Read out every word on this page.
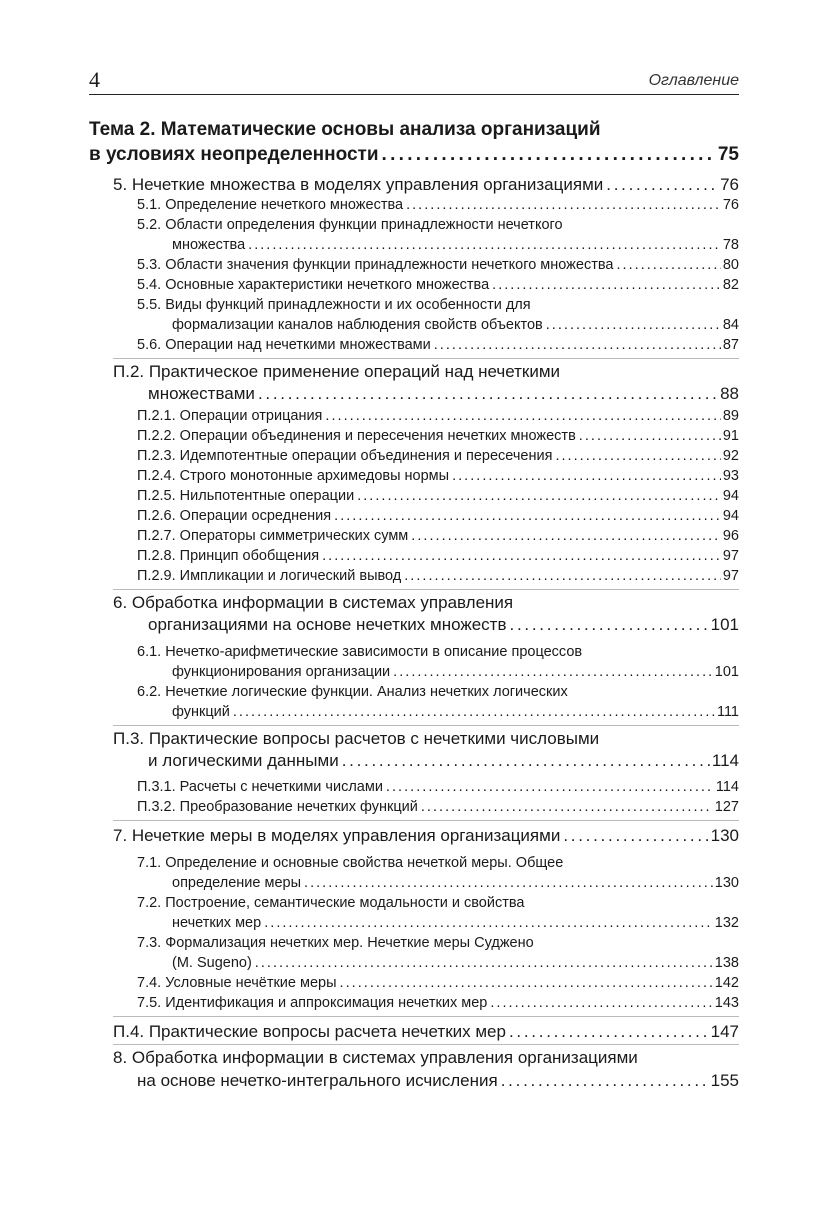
4	Оглавление
Тема 2. Математические основы анализа организаций
в условиях неопределенности . . .	75
5. Нечеткие множества в моделях управления организациями . . .	76
5.1. Определение нечеткого множества . . .	76
5.2. Области определения функции принадлежности нечеткого
множества . . .	78
5.3. Области значения функции принадлежности нечеткого множества . . .	80
5.4. Основные характеристики нечеткого множества . . .	82
5.5. Виды функций принадлежности и их особенности для
формализации каналов наблюдения свойств объектов . . .	84
5.6. Операции над нечеткими множествами . . .	87
П.2. Практическое применение операций над нечеткими
множествами . . .	88
П.2.1. Операции отрицания . . .	89
П.2.2. Операции объединения и пересечения нечетких множеств . . .	91
П.2.3. Идемпотентные операции объединения и пересечения . . .	92
П.2.4. Строго монотонные архимедовы нормы . . .	93
П.2.5. Нильпотентные операции . . .	94
П.2.6. Операции осреднения . . .	94
П.2.7. Операторы симметрических сумм . . .	96
П.2.8. Принцип обобщения . . .	97
П.2.9. Импликации и логический вывод . . .	97
6. Обработка информации в системах управления
организациями на основе нечетких множеств . . .	101
6.1. Нечетко-арифметические зависимости в описание процессов
функционирования организации . . .	101
6.2. Нечеткие логические функции. Анализ нечетких логических
функций . . .	111
П.3. Практические вопросы расчетов с нечеткими числовыми
и логическими данными . . .	114
П.3.1. Расчеты с нечеткими числами . . .	114
П.3.2. Преобразование нечетких функций . . .	127
7. Нечеткие меры в моделях управления организациями . . .	130
7.1. Определение и основные свойства нечеткой меры. Общее
определение меры . . .	130
7.2. Построение, семантические модальности и свойства
нечетких мер . . .	132
7.3. Формализация нечетких мер. Нечеткие меры Суджено
(M. Sugeno) . . .	138
7.4. Условные нечёткие меры . . .	142
7.5. Идентификация и аппроксимация нечетких мер . . .	143
П.4. Практические вопросы расчета нечетких мер . . .	147
8. Обработка информации в системах управления организациями
на основе нечетко-интегрального исчисления . . .	155
